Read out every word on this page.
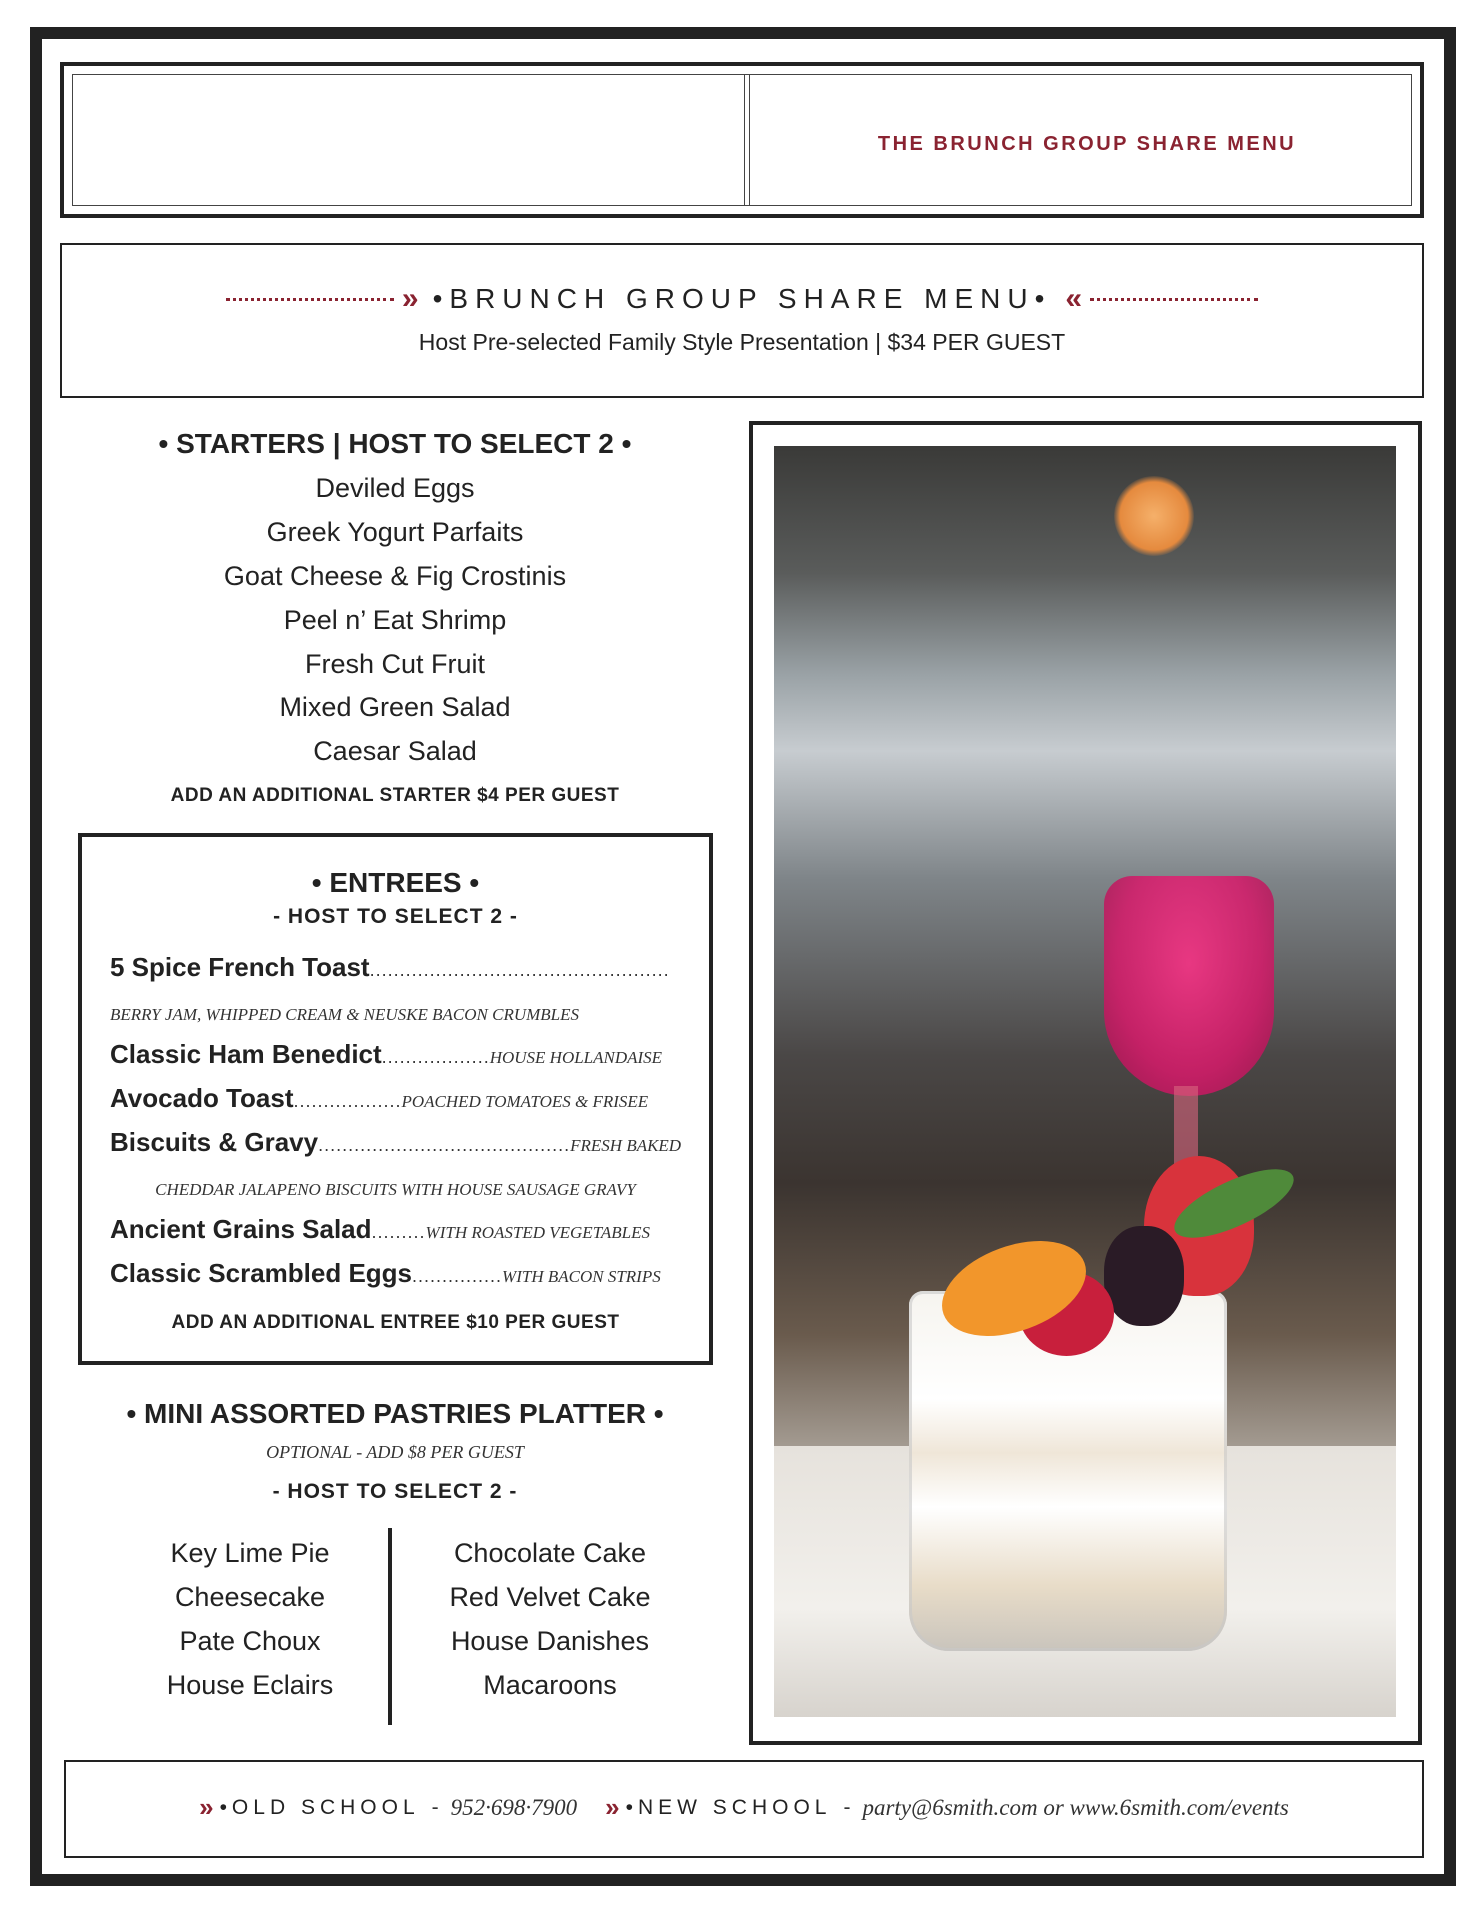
THE BRUNCH GROUP SHARE MENU
» •BRUNCH GROUP SHARE MENU• «
Host Pre-selected Family Style Presentation | $34 PER GUEST
• STARTERS | HOST TO SELECT 2 •
Deviled Eggs
Greek Yogurt Parfaits
Goat Cheese & Fig Crostinis
Peel n’ Eat Shrimp
Fresh Cut Fruit
Mixed Green Salad
Caesar Salad
ADD AN ADDITIONAL STARTER $4 PER GUEST
• ENTREES •
- HOST TO SELECT 2 -
5 Spice French Toast..................................................
BERRY JAM, WHIPPED CREAM & NEUSKE BACON CRUMBLES
Classic Ham Benedict..................HOUSE HOLLANDAISE
Avocado Toast..................POACHED TOMATOES & FRISEE
Biscuits & Gravy..........................................FRESH BAKED
CHEDDAR JALAPENO BISCUITS WITH HOUSE SAUSAGE GRAVY
Ancient Grains Salad.........WITH ROASTED VEGETABLES
Classic Scrambled Eggs...............WITH BACON STRIPS
ADD AN ADDITIONAL ENTREE $10 PER GUEST
• MINI ASSORTED PASTRIES PLATTER •
OPTIONAL - ADD $8 PER GUEST
- HOST TO SELECT 2 -
Key Lime Pie
Cheesecake
Pate Choux
House Eclairs
Chocolate Cake
Red Velvet Cake
House Danishes
Macaroons
» •OLD SCHOOL - 952·698·7900 » •NEW SCHOOL - party@6smith.com or www.6smith.com/events
